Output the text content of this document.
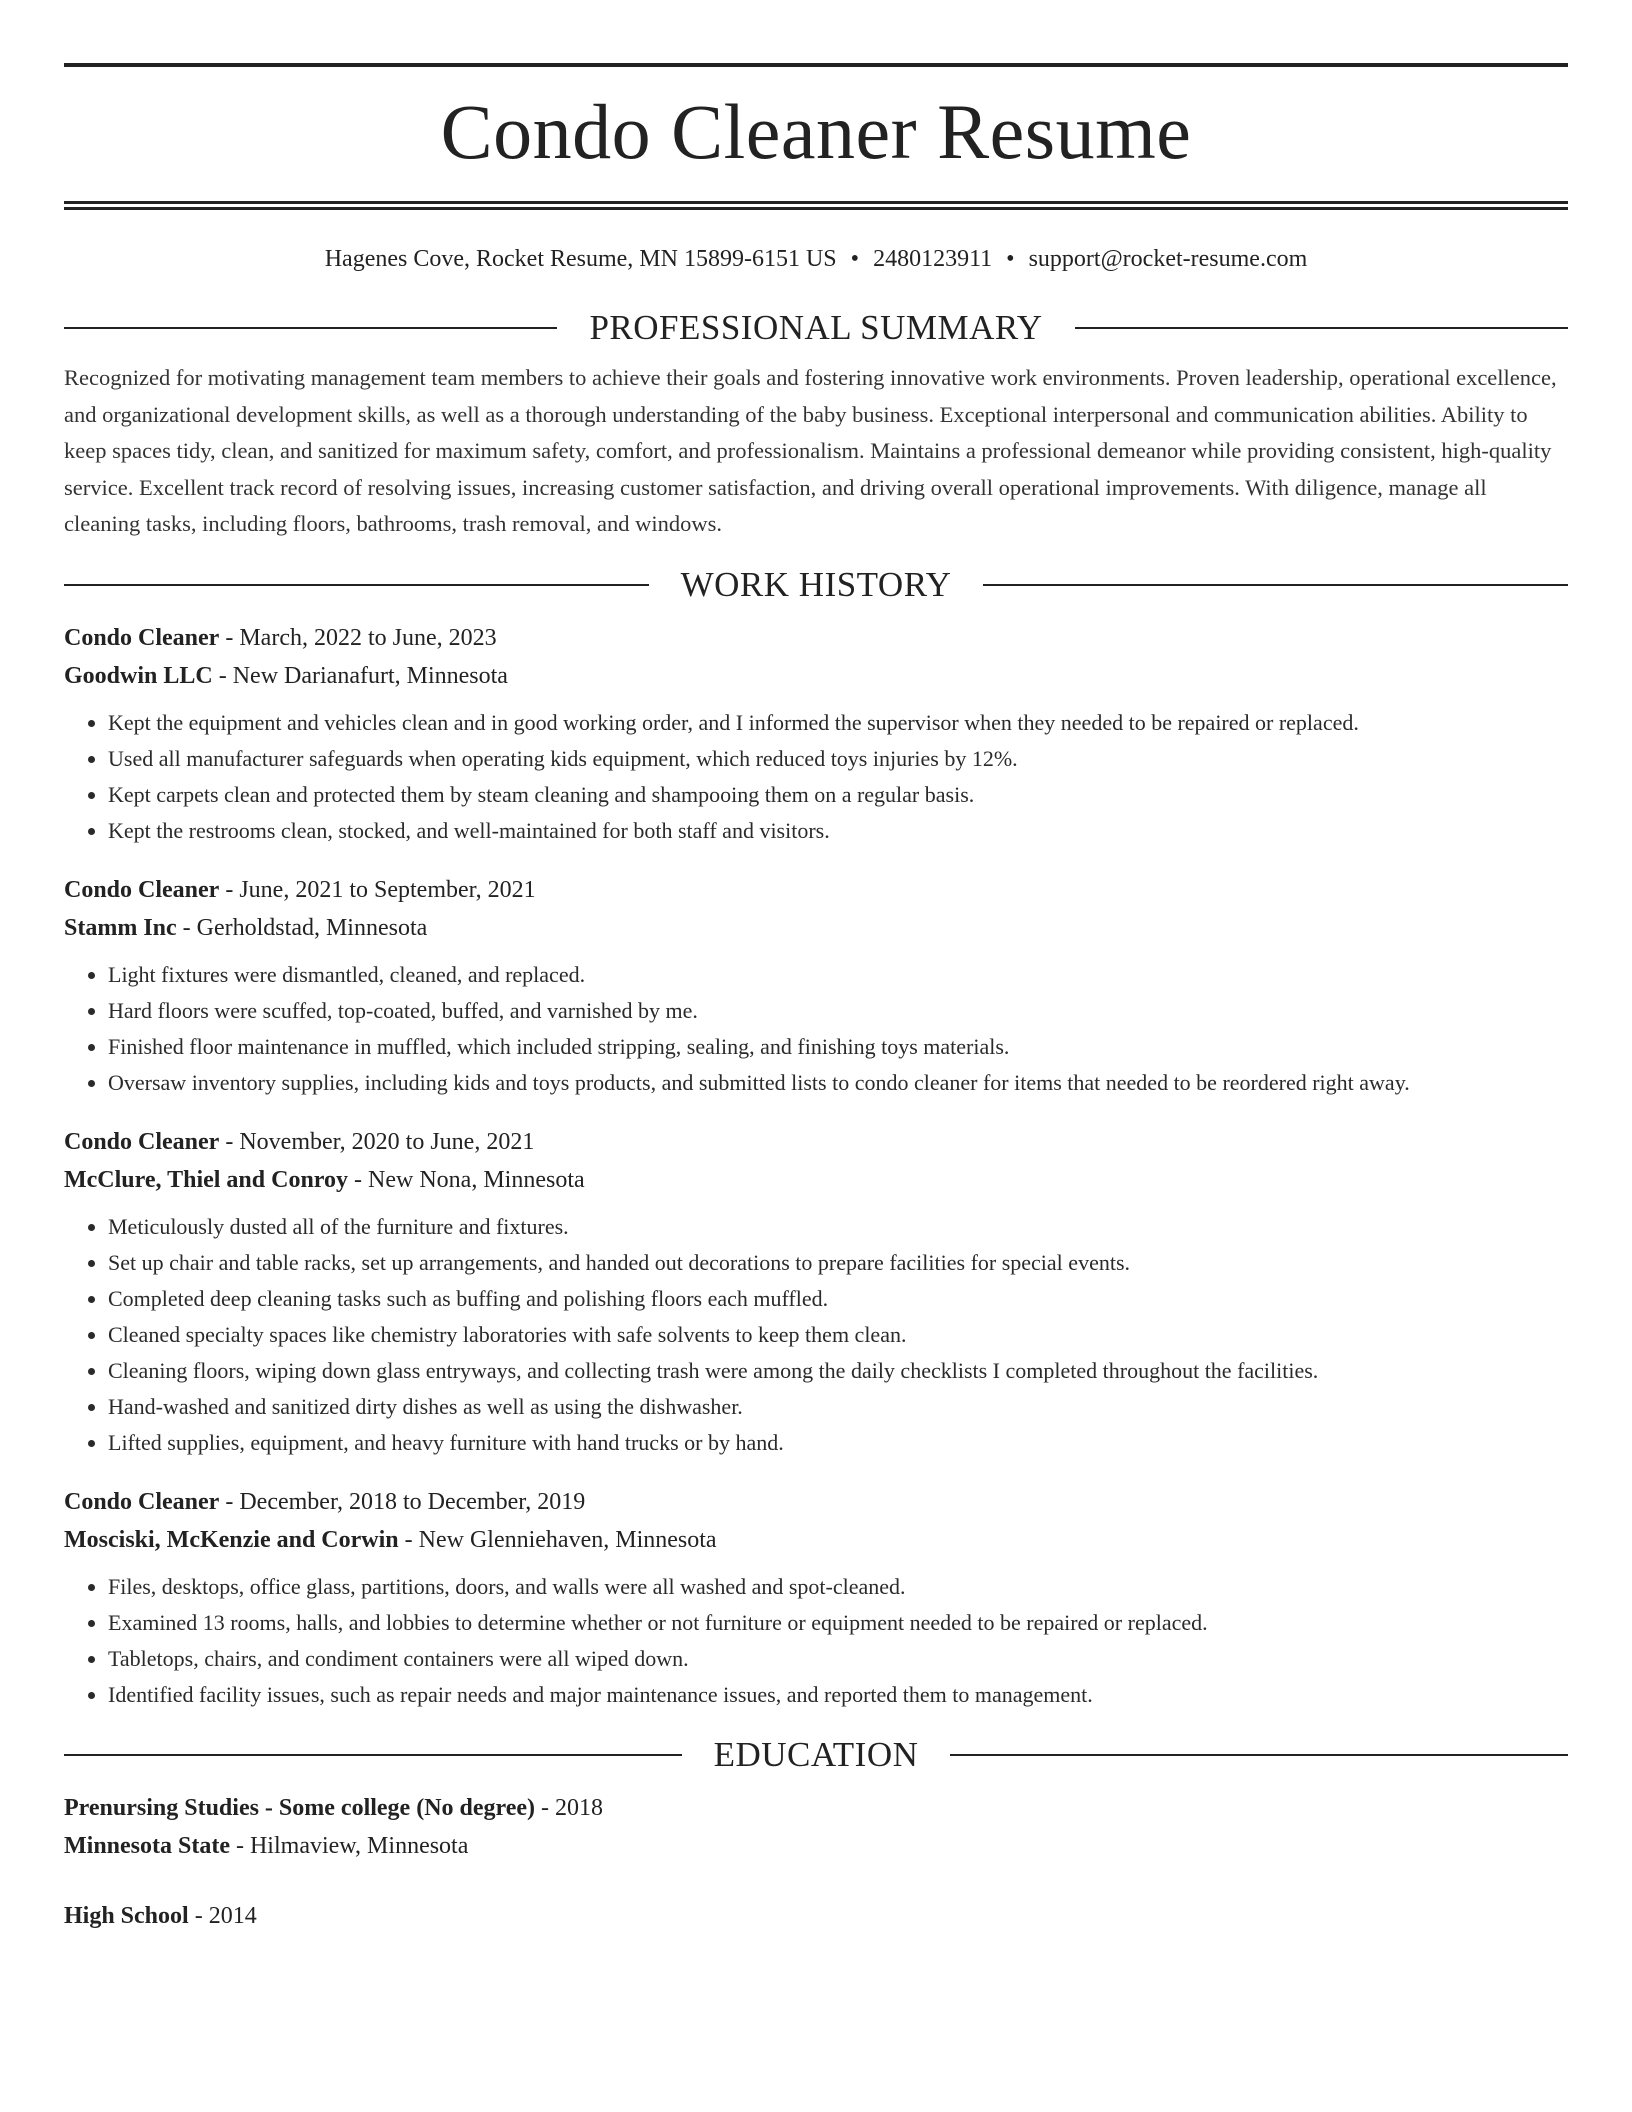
Condo Cleaner Resume
Hagenes Cove, Rocket Resume, MN 15899-6151 US • 2480123911 • support@rocket-resume.com
PROFESSIONAL SUMMARY
Recognized for motivating management team members to achieve their goals and fostering innovative work environments. Proven leadership, operational excellence, and organizational development skills, as well as a thorough understanding of the baby business. Exceptional interpersonal and communication abilities. Ability to keep spaces tidy, clean, and sanitized for maximum safety, comfort, and professionalism. Maintains a professional demeanor while providing consistent, high-quality service. Excellent track record of resolving issues, increasing customer satisfaction, and driving overall operational improvements. With diligence, manage all cleaning tasks, including floors, bathrooms, trash removal, and windows.
WORK HISTORY
Condo Cleaner - March, 2022 to June, 2023
Goodwin LLC - New Darianafurt, Minnesota
• Kept the equipment and vehicles clean and in good working order, and I informed the supervisor when they needed to be repaired or replaced.
• Used all manufacturer safeguards when operating kids equipment, which reduced toys injuries by 12%.
• Kept carpets clean and protected them by steam cleaning and shampooing them on a regular basis.
• Kept the restrooms clean, stocked, and well-maintained for both staff and visitors.
Condo Cleaner - June, 2021 to September, 2021
Stamm Inc - Gerholdstad, Minnesota
• Light fixtures were dismantled, cleaned, and replaced.
• Hard floors were scuffed, top-coated, buffed, and varnished by me.
• Finished floor maintenance in muffled, which included stripping, sealing, and finishing toys materials.
• Oversaw inventory supplies, including kids and toys products, and submitted lists to condo cleaner for items that needed to be reordered right away.
Condo Cleaner - November, 2020 to June, 2021
McClure, Thiel and Conroy - New Nona, Minnesota
• Meticulously dusted all of the furniture and fixtures.
• Set up chair and table racks, set up arrangements, and handed out decorations to prepare facilities for special events.
• Completed deep cleaning tasks such as buffing and polishing floors each muffled.
• Cleaned specialty spaces like chemistry laboratories with safe solvents to keep them clean.
• Cleaning floors, wiping down glass entryways, and collecting trash were among the daily checklists I completed throughout the facilities.
• Hand-washed and sanitized dirty dishes as well as using the dishwasher.
• Lifted supplies, equipment, and heavy furniture with hand trucks or by hand.
Condo Cleaner - December, 2018 to December, 2019
Mosciski, McKenzie and Corwin - New Glenniehaven, Minnesota
• Files, desktops, office glass, partitions, doors, and walls were all washed and spot-cleaned.
• Examined 13 rooms, halls, and lobbies to determine whether or not furniture or equipment needed to be repaired or replaced.
• Tabletops, chairs, and condiment containers were all wiped down.
• Identified facility issues, such as repair needs and major maintenance issues, and reported them to management.
EDUCATION
Prenursing Studies - Some college (No degree) - 2018
Minnesota State - Hilmaview, Minnesota
High School - 2014
